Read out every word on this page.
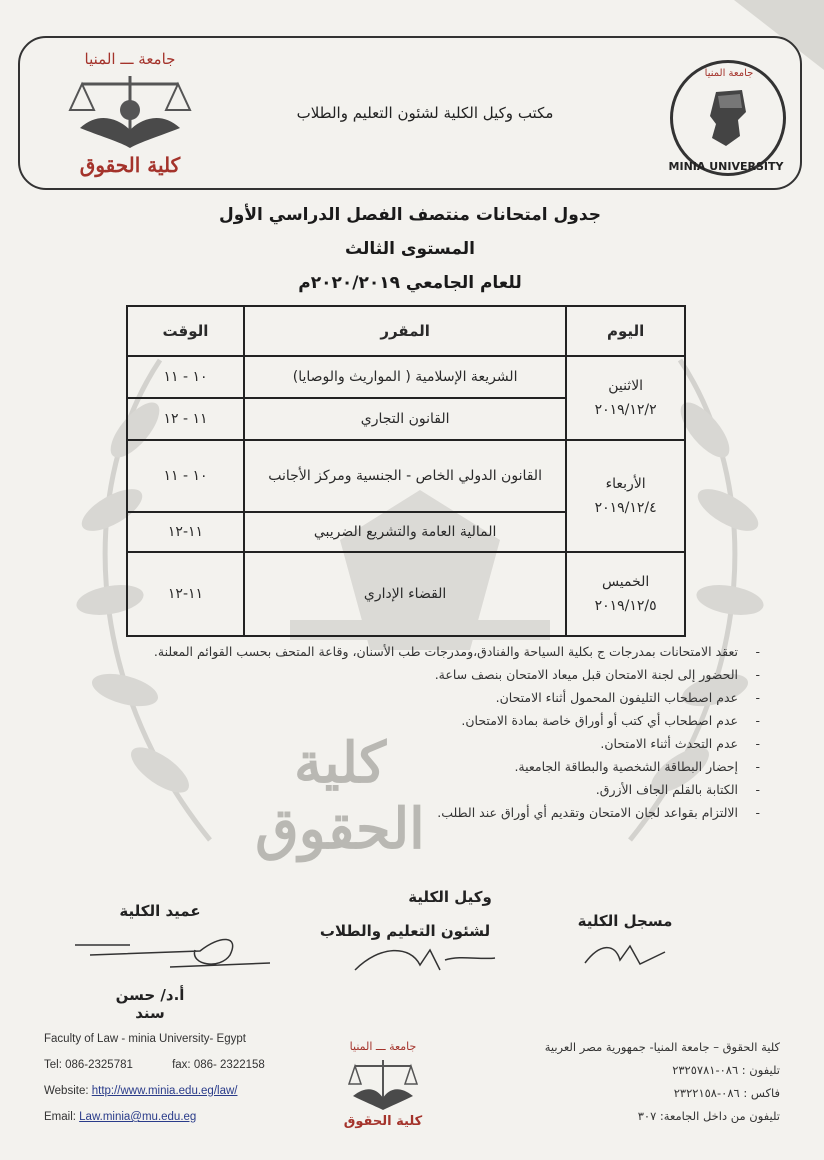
كلية الحقوق
جامعة ـــ المنيا
كلية الحقوق
مكتب وكيل الكلية لشئون التعليم والطلاب
جامعة المنيا
MINIA UNIVERSITY
جدول امتحانات منتصف الفصل الدراسي الأول
المستوى الثالث
للعام الجامعي ٢٠٢٠/٢٠١٩م
اليوم	المقرر	الوقت

الاثنين
٢٠١٩/١٢/٢	الشريعة الإسلامية ( المواريث والوصايا)	١٠ - ١١
	القانون التجاري	١١ - ١٢

الأربعاء
٢٠١٩/١٢/٤	القانون الدولي الخاص - الجنسية ومركز الأجانب	١٠ - ١١
	المالية العامة والتشريع الضريبي	١١-١٢

الخميس
٢٠١٩/١٢/٥	القضاء الإداري	١١-١٢
- تعقد الامتحانات بمدرجات ج بكلية السياحة والفنادق،ومدرجات طب الأسنان، وقاعة المتحف بحسب القوائم المعلنة.
- الحضور إلى لجنة الامتحان قبل ميعاد الامتحان بنصف ساعة.
- عدم اصطحاب التليفون المحمول أثناء الامتحان.
- عدم اصطحاب أي كتب أو أوراق خاصة بمادة الامتحان.
- عدم التحدث أثناء الامتحان.
- إحضار البطاقة الشخصية والبطاقة الجامعية.
- الكتابة بالقلم الجاف الأزرق.
- الالتزام بقواعد لجان الامتحان وتقديم أي أوراق عند الطلب.
عميد الكلية
أ.د/ حسن سند
وكيل الكلية
لشئون التعليم والطلاب
مسجل الكلية
Faculty of Law - minia University- Egypt
Tel: 086-2325781	fax: 086- 2322158
Website: http://www.minia.edu.eg/law/
Email: Law.minia@mu.edu.eg
جامعة ـــ المنيا
كلية الحقوق
كلية الحقوق – جامعة المنيا- جمهورية مصر العربية
تليفون : ٠٨٦-٢٣٢٥٧٨١
فاكس : ٠٨٦-٢٣٢٢١٥٨
تليفون من داخل الجامعة: ٣٠٧
